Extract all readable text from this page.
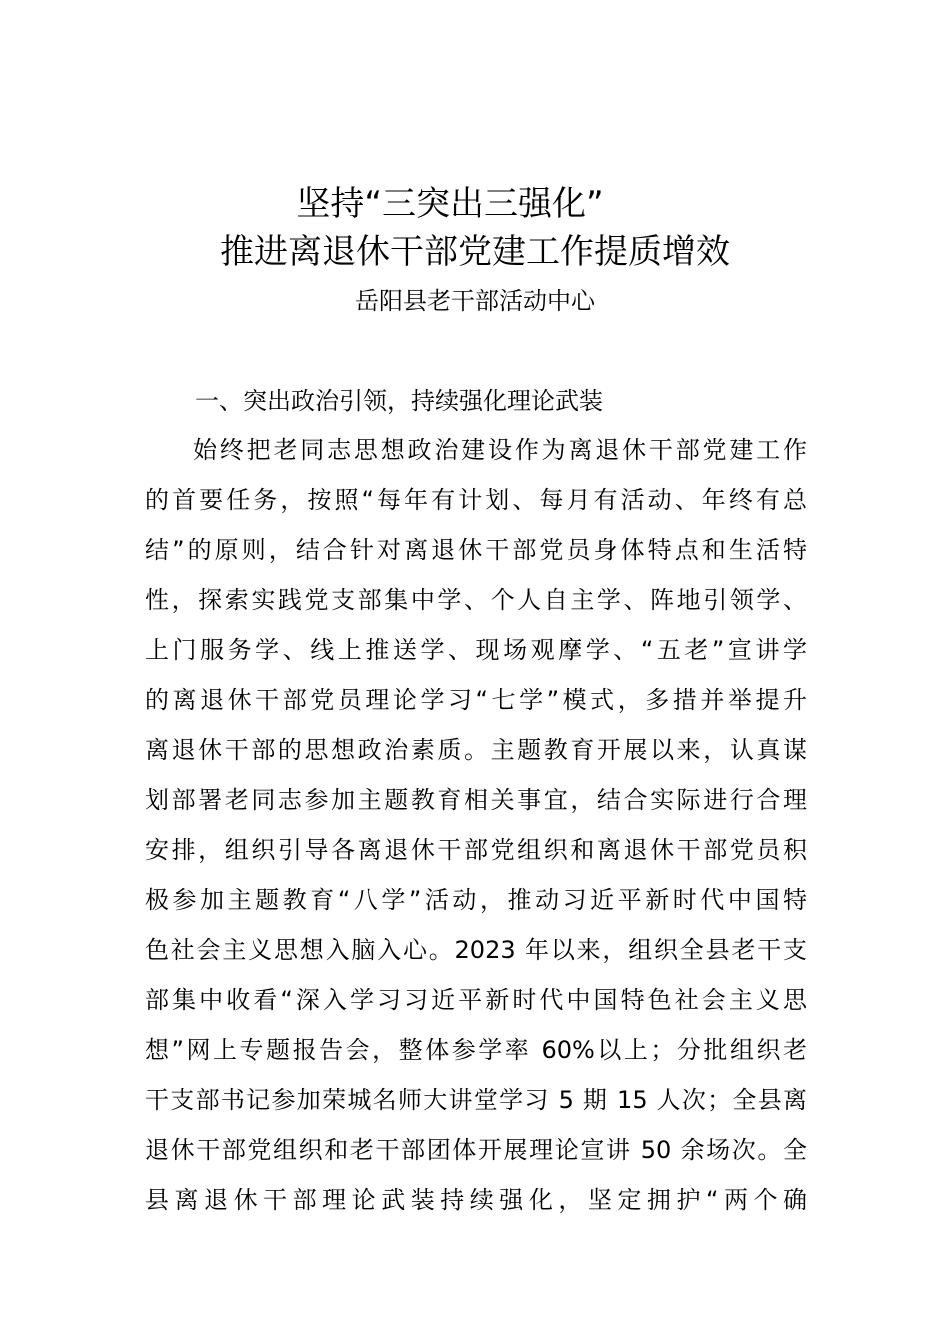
坚持“三突出三强化”
推进离退休干部党建工作提质增效
岳阳县老干部活动中心
一、突出政治引领，持续强化理论武装
始终把老同志思想政治建设作为离退休干部党建工作
的首要任务，按照“每年有计划、每月有活动、年终有总
结”的原则，结合针对离退休干部党员身体特点和生活特
性，探索实践党支部集中学、个人自主学、阵地引领学、
上门服务学、线上推送学、现场观摩学、“五老”宣讲学
的离退休干部党员理论学习“七学”模式，多措并举提升
离退休干部的思想政治素质。主题教育开展以来，认真谋
划部署老同志参加主题教育相关事宜，结合实际进行合理
安排，组织引导各离退休干部党组织和离退休干部党员积
极参加主题教育“八学”活动，推动习近平新时代中国特
色社会主义思想入脑入心。2023 年以来，组织全县老干支
部集中收看“深入学习习近平新时代中国特色社会主义思
想”网上专题报告会，整体参学率 60%以上；分批组织老
干支部书记参加荣城名师大讲堂学习 5 期 15 人次；全县离
退休干部党组织和老干部团体开展理论宣讲 50 余场次。全
县离退休干部理论武装持续强化，坚定拥护“两个确
